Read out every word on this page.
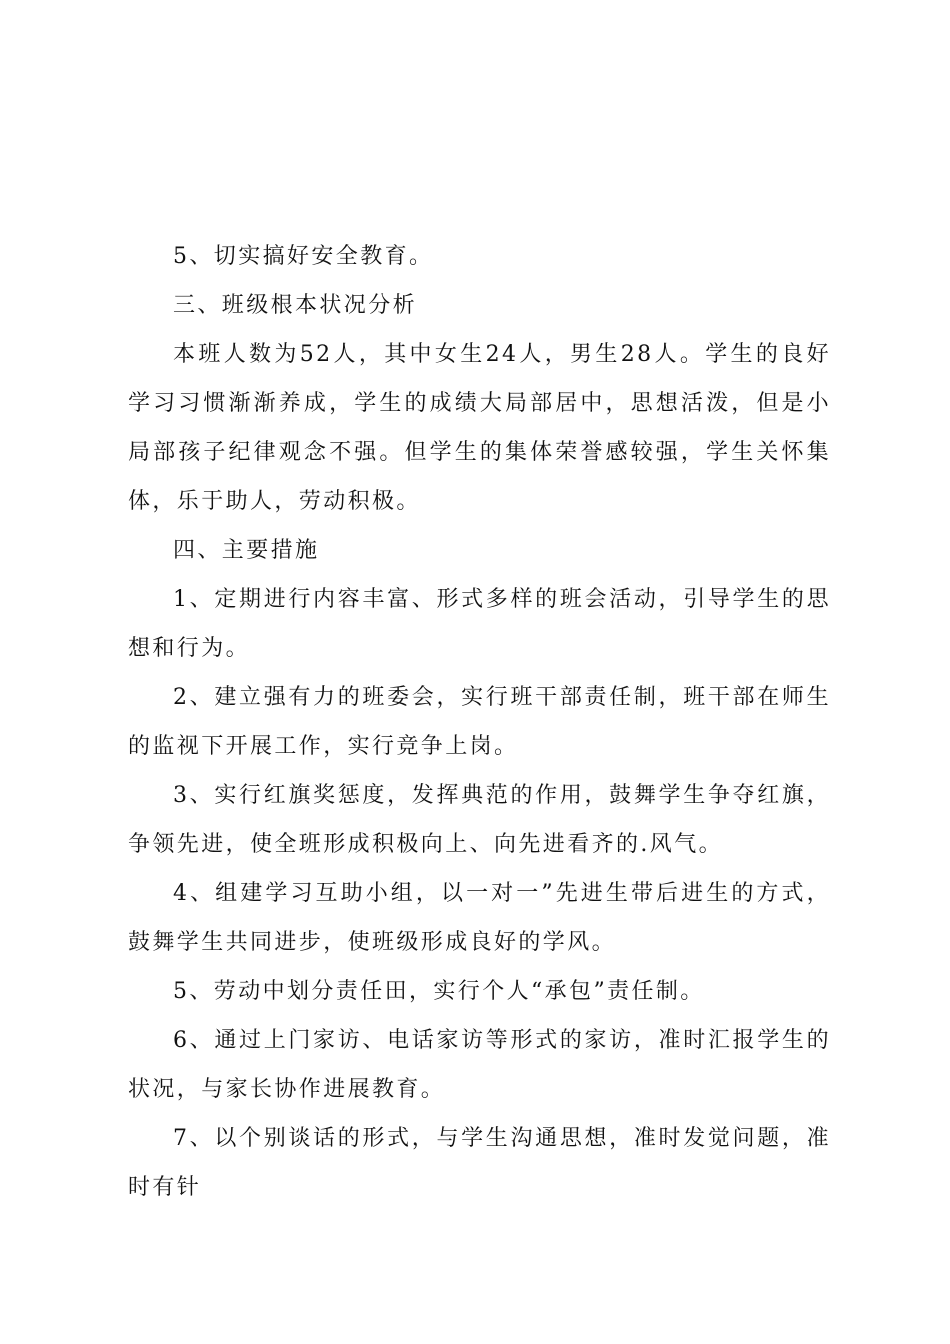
5、切实搞好安全教育。

三、班级根本状况分析

本班人数为52人，其中女生24人，男生28人。学生的良好学习习惯渐渐养成，学生的成绩大局部居中，思想活泼，但是小局部孩子纪律观念不强。但学生的集体荣誉感较强，学生关怀集体，乐于助人，劳动积极。

四、主要措施

1、定期进行内容丰富、形式多样的班会活动，引导学生的思想和行为。

2、建立强有力的班委会，实行班干部责任制，班干部在师生的监视下开展工作，实行竞争上岗。

3、实行红旗奖惩度，发挥典范的作用，鼓舞学生争夺红旗，争领先进，使全班形成积极向上、向先进看齐的.风气。

4、组建学习互助小组，以一对一”先进生带后进生的方式，鼓舞学生共同进步，使班级形成良好的学风。

5、劳动中划分责任田，实行个人“承包”责任制。

6、通过上门家访、电话家访等形式的家访，准时汇报学生的状况，与家长协作进展教育。

7、以个别谈话的形式，与学生沟通思想，准时发觉问题，准时有针
